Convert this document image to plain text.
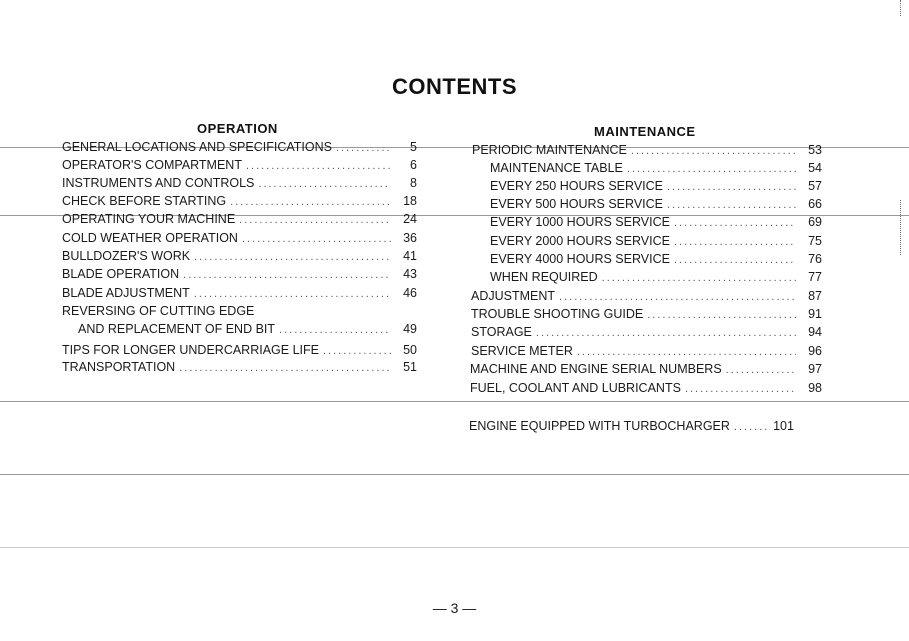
CONTENTS
OPERATION
GENERAL LOCATIONS AND SPECIFICATIONS .....	5
OPERATOR'S COMPARTMENT .....	6
INSTRUMENTS AND CONTROLS .....	8
CHECK BEFORE STARTING .....	18
OPERATING YOUR MACHINE .....	24
COLD WEATHER OPERATION .....	36
BULLDOZER'S WORK .....	41
BLADE OPERATION .....	43
BLADE ADJUSTMENT .....	46
REVERSING OF CUTTING EDGE
AND REPLACEMENT OF END BIT .....	49
TIPS FOR LONGER UNDERCARRIAGE LIFE .....	50
TRANSPORTATION .....	51
MAINTENANCE
PERIODIC MAINTENANCE .....	53
MAINTENANCE TABLE .....	54
EVERY 250 HOURS SERVICE .....	57
EVERY 500 HOURS SERVICE .....	66
EVERY 1000 HOURS SERVICE .....	69
EVERY 2000 HOURS SERVICE .....	75
EVERY 4000 HOURS SERVICE .....	76
WHEN REQUIRED .....	77
ADJUSTMENT .....	87
TROUBLE SHOOTING GUIDE .....	91
STORAGE .....	94
SERVICE METER .....	96
MACHINE AND ENGINE SERIAL NUMBERS .....	97
FUEL, COOLANT AND LUBRICANTS .....	98
ENGINE EQUIPPED WITH TURBOCHARGER .....	101
— 3 —
